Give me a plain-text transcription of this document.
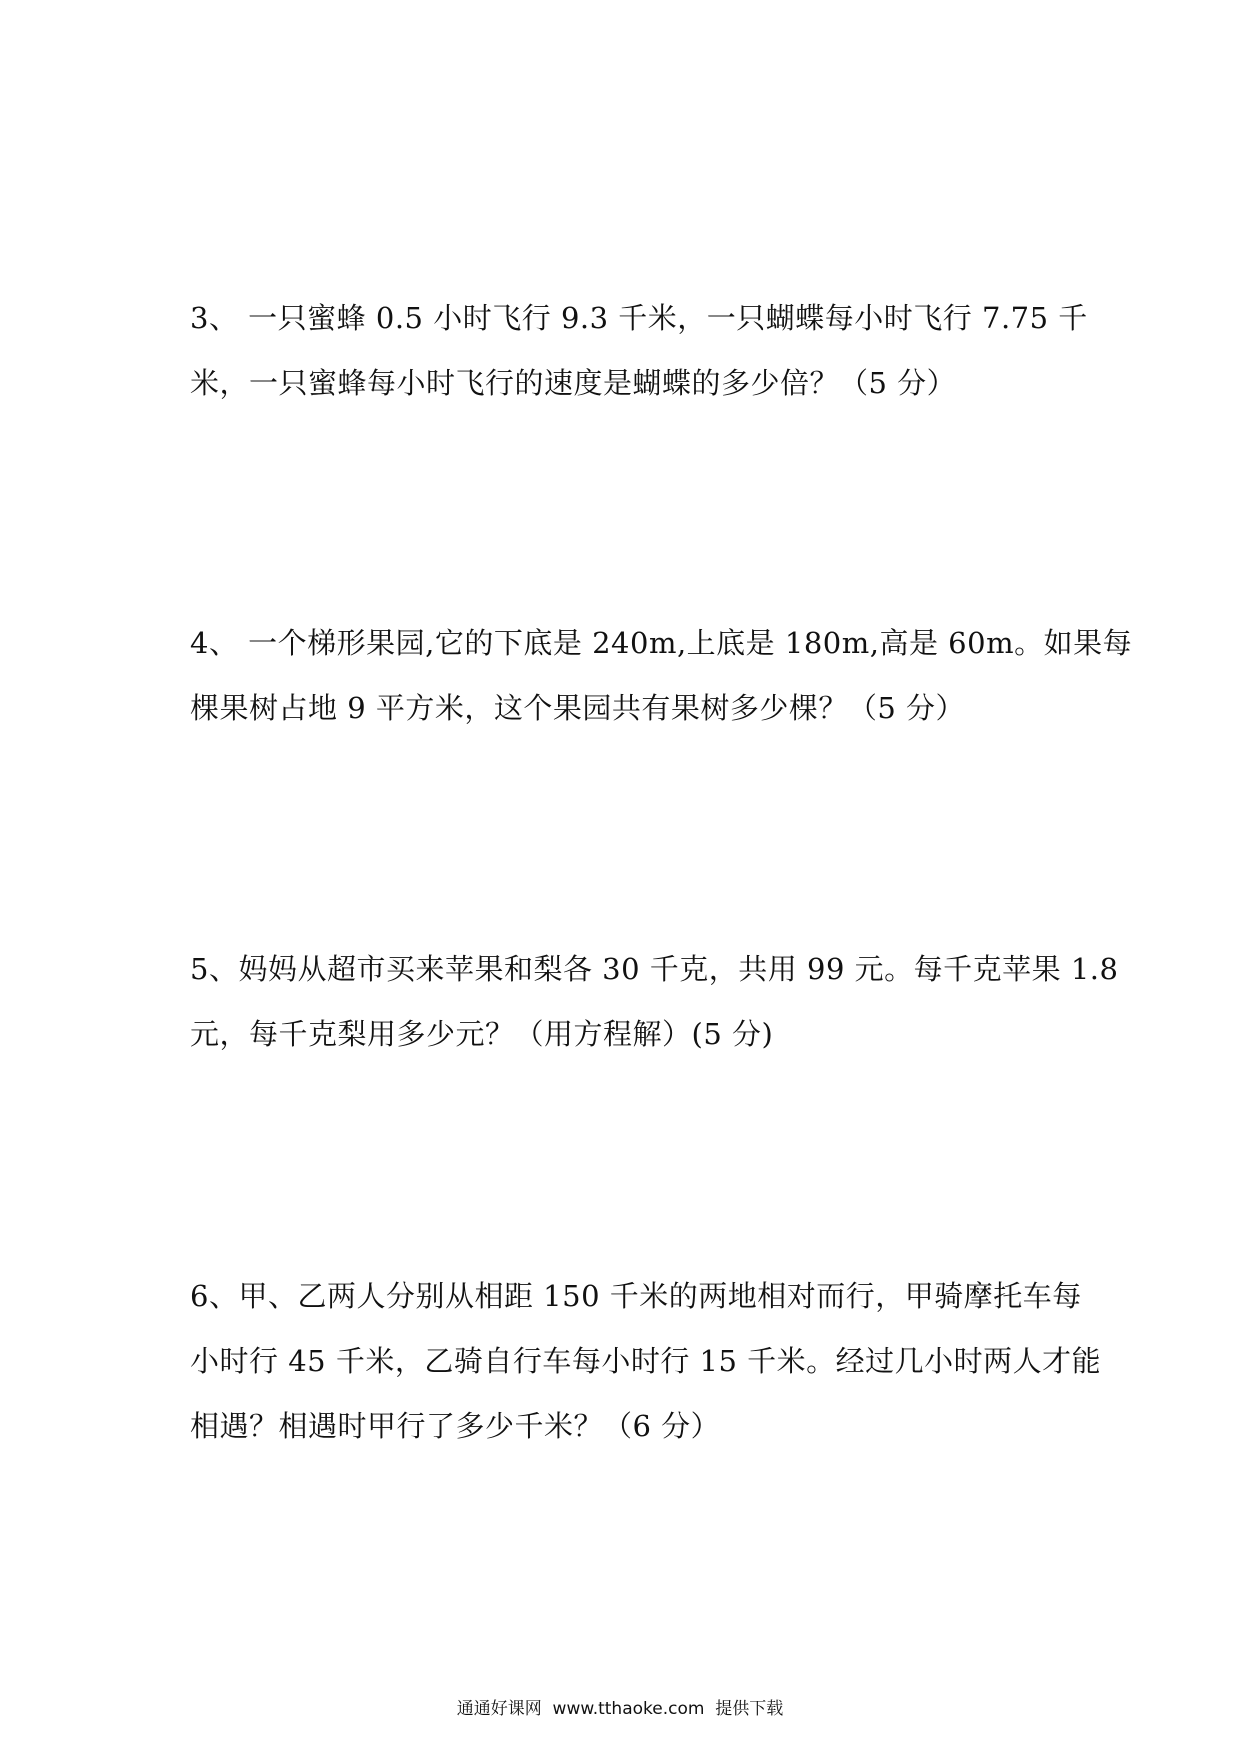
3、 一只蜜蜂 0.5 小时飞行 9.3 千米，一只蝴蝶每小时飞行 7.75 千
米，一只蜜蜂每小时飞行的速度是蝴蝶的多少倍？（5 分）
4、 一个梯形果园,它的下底是 240m,上底是 180m,高是 60m。如果每
棵果树占地 9 平方米，这个果园共有果树多少棵？（5 分）
5、妈妈从超市买来苹果和梨各 30 千克，共用 99 元。每千克苹果 1.8
元，每千克梨用多少元？（用方程解）(5 分)
6、甲、乙两人分别从相距 150 千米的两地相对而行，甲骑摩托车每
小时行 45 千米，乙骑自行车每小时行 15 千米。经过几小时两人才能
相遇？相遇时甲行了多少千米？（6 分）
通通好课网  www.tthaoke.com  提供下载
